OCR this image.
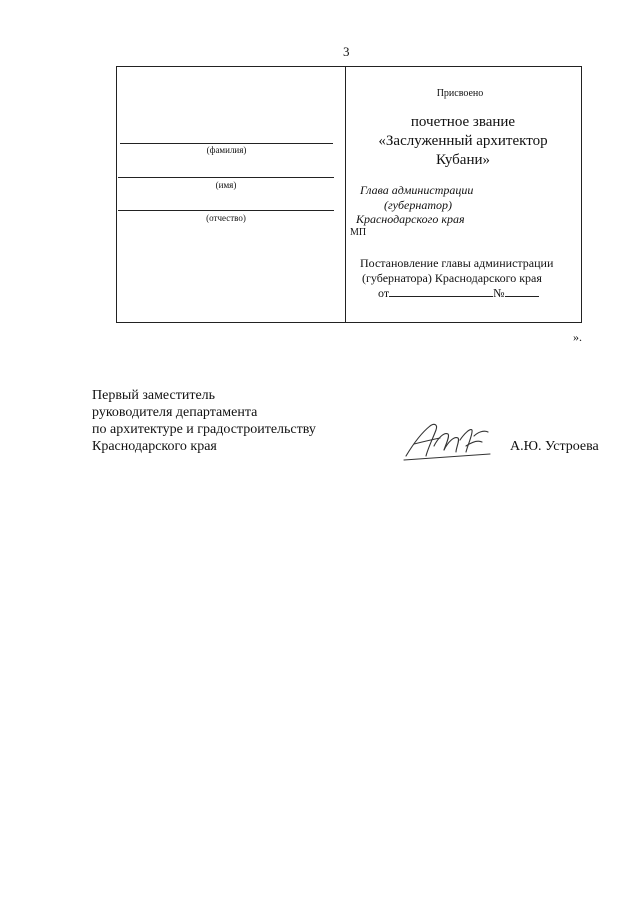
3
(фамилия)
(имя)
(отчество)
Присвоено
почетное звание
«Заслуженный архитектор
Кубани»
Глава администрации
(губернатор)
Краснодарского края
МП
Постановление главы администрации
(губернатора) Краснодарского края
от	№
».
Первый заместитель
руководителя департамента
по архитектуре и градостроительству
Краснодарского края	А.Ю. Устроева
